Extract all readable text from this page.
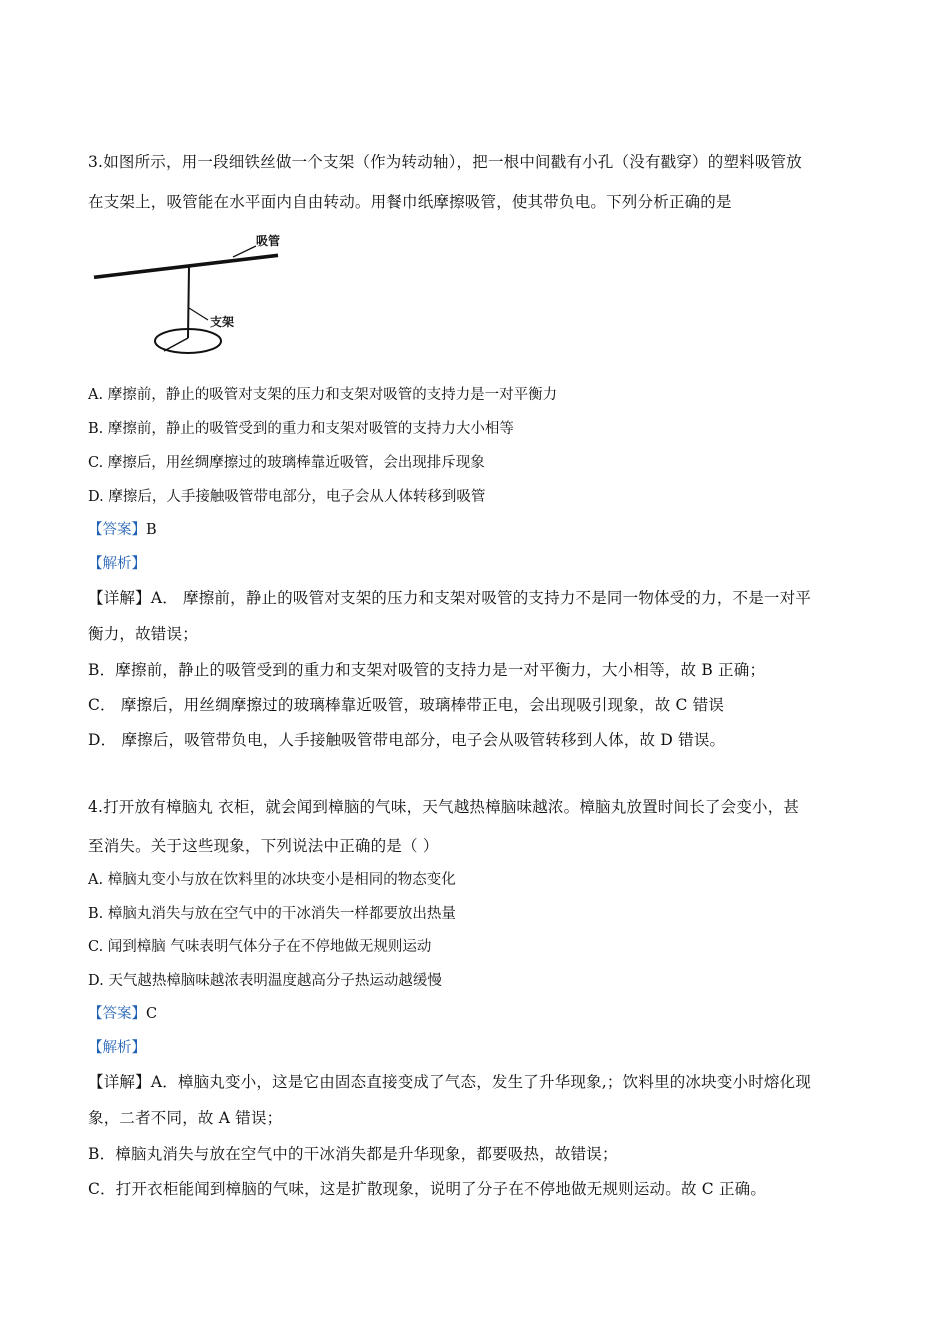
3.如图所示，用一段细铁丝做一个支架（作为转动轴），把一根中间戳有小孔（没有戳穿）的塑料吸管放
在支架上，吸管能在水平面内自由转动。用餐巾纸摩擦吸管，使其带负电。下列分析正确的是
吸管
支架
A. 摩擦前，静止的吸管对支架的压力和支架对吸管的支持力是一对平衡力
B. 摩擦前，静止的吸管受到的重力和支架对吸管的支持力大小相等
C. 摩擦后，用丝绸摩擦过的玻璃棒靠近吸管，会出现排斥现象
D. 摩擦后，人手接触吸管带电部分，电子会从人体转移到吸管
【答案】B
【解析】
【详解】A． 摩擦前，静止的吸管对支架的压力和支架对吸管的支持力不是同一物体受的力，不是一对平
衡力，故错误；
B．摩擦前，静止的吸管受到的重力和支架对吸管的支持力是一对平衡力，大小相等，故 B 正确；
C． 摩擦后，用丝绸摩擦过的玻璃棒靠近吸管，玻璃棒带正电，会出现吸引现象，故 C 错误
D． 摩擦后，吸管带负电，人手接触吸管带电部分，电子会从吸管转移到人体，故 D 错误。
4.打开放有樟脑丸 衣柜，就会闻到樟脑的气味，天气越热樟脑味越浓。樟脑丸放置时间长了会变小，甚
至消失。关于这些现象，下列说法中正确的是（ ）
A. 樟脑丸变小与放在饮料里的冰块变小是相同的物态变化
B. 樟脑丸消失与放在空气中的干冰消失一样都要放出热量
C. 闻到樟脑 气味表明气体分子在不停地做无规则运动
D. 天气越热樟脑味越浓表明温度越高分子热运动越缓慢
【答案】C
【解析】
【详解】A．樟脑丸变小，这是它由固态直接变成了气态，发生了升华现象,；饮料里的冰块变小时熔化现
象，二者不同，故 A 错误；
B．樟脑丸消失与放在空气中的干冰消失都是升华现象，都要吸热，故错误；
C．打开衣柜能闻到樟脑的气味，这是扩散现象，说明了分子在不停地做无规则运动。故 C 正确。
